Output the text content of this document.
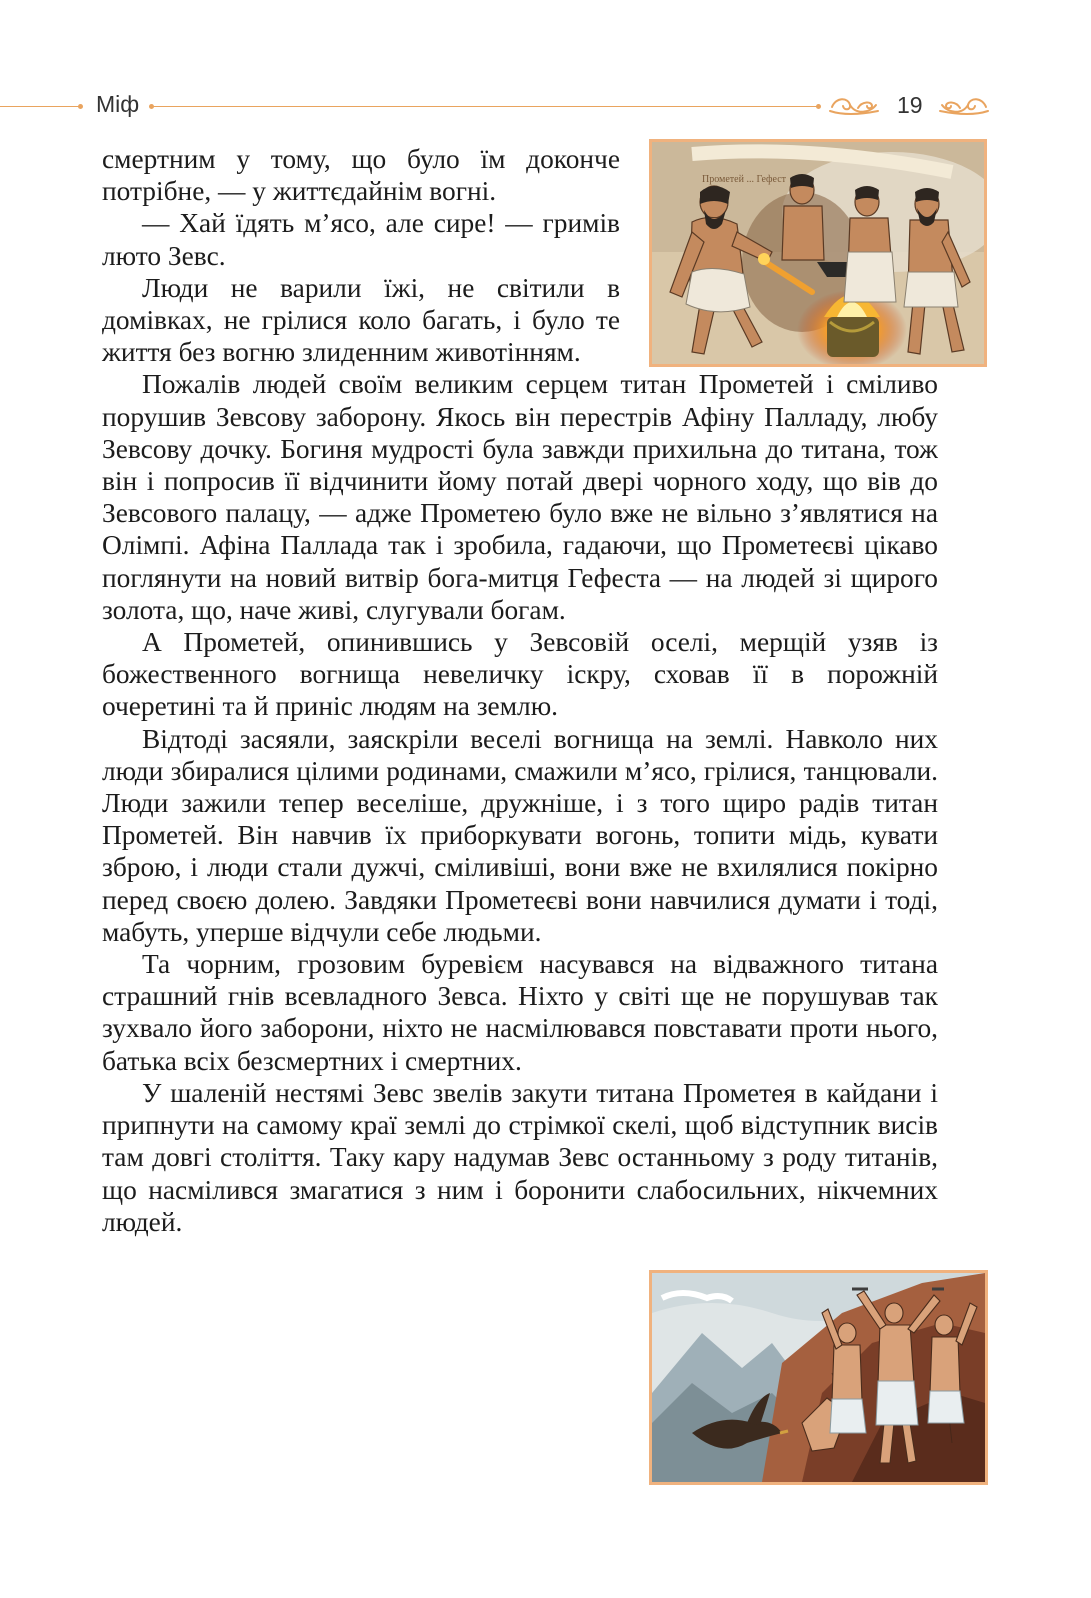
Міф	19
Прометей ... Гефест

смертним у тому, що було їм доконче потрібне, — у життєдайнім вогні.

— Хай їдять м’ясо, але сире! — гримів люто Зевс.

Люди не варили їжі, не світили в домівках, не грілися коло багать, і було те життя без вогню злиденним животінням.

Пожалів людей своїм великим серцем титан Прометей і сміливо порушив Зевсову заборону. Якось він перестрів Афіну Палладу, любу Зевсову дочку. Богиня мудрості була завжди прихильна до титана, тож він і попросив її відчинити йому потай двері чорного ходу, що вів до Зевсового палацу, — адже Прометею було вже не вільно з’являтися на Олімпі. Афіна Паллада так і зробила, гадаючи, що Прометеєві цікаво поглянути на новий витвір бога-митця Гефеста — на людей зі щирого золота, що, наче живі, слугували богам.

А Прометей, опинившись у Зевсовій оселі, мерщій узяв із божественного вогнища невеличку іскру, сховав її в порожній очеретині та й приніс людям на землю.

Відтоді засяяли, заяскріли веселі вогнища на землі. Навколо них люди збиралися цілими родинами, смажили м’ясо, грілися, танцювали. Люди зажили тепер веселіше, дружніше, і з того щиро радів титан Прометей. Він навчив їх приборкувати вогонь, топити мідь, кувати зброю, і люди стали дужчі, сміливіші, вони вже не вхилялися покірно перед своєю долею. Завдяки Прометеєві вони навчилися думати і тоді, мабуть, уперше відчули себе людьми.

Та чорним, грозовим буревієм насувався на відважного титана страшний гнів всевладного Зевса. Ніхто у світі ще не порушував так зухвало його заборони, ніхто не насмілювався повставати проти нього, батька всіх безсмертних і смертних.

У шаленій нестямі Зевс звелів закути титана Прометея в кайдани і припнути на самому краї землі до стрімкої скелі, щоб відступник висів там довгі століття. Таку кару надумав Зевс останньому з роду титанів, що насмілився змагатися з ним і боронити слабосильних, нікчемних людей.
